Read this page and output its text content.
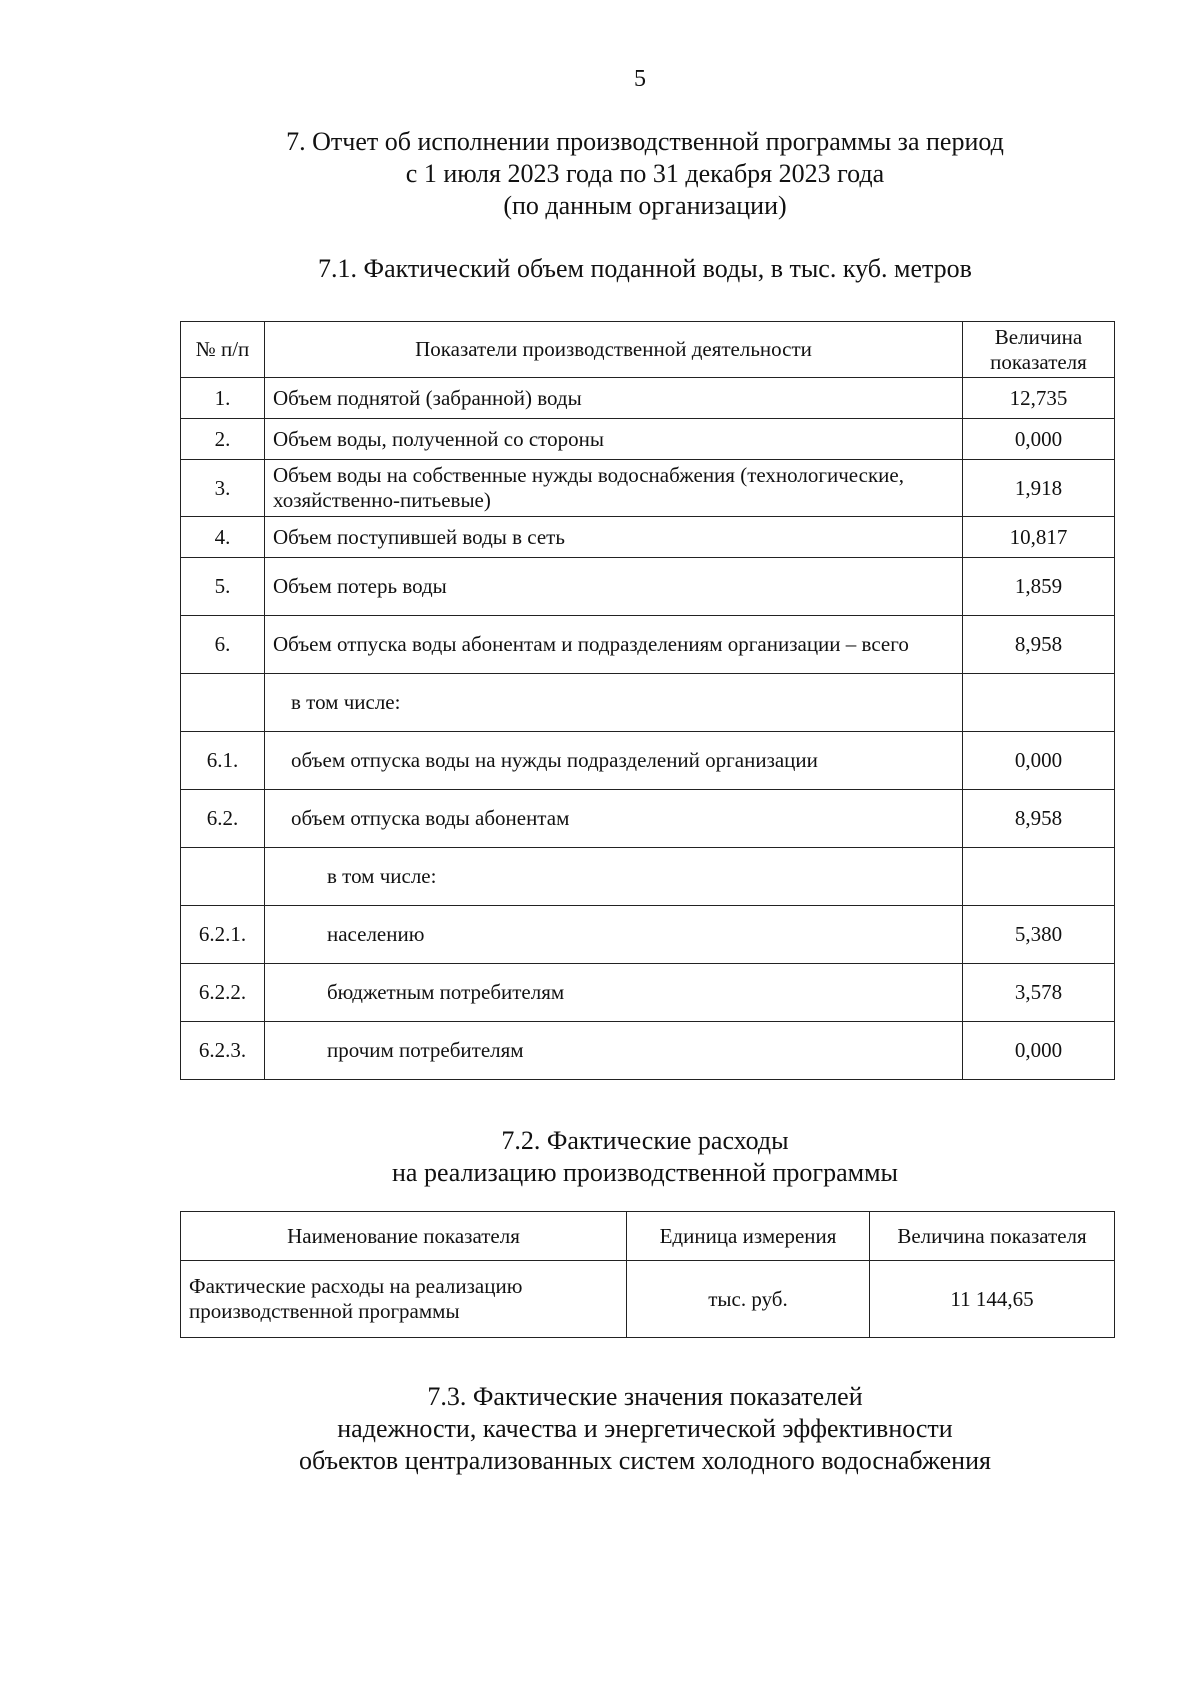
5
7. Отчет об исполнении производственной программы за период
с 1 июля 2023 года по 31 декабря 2023 года
(по данным организации)
7.1. Фактический объем поданной воды, в тыс. куб. метров
№ п/п	Показатели производственной деятельности	Величина
показателя

1.	Объем поднятой (забранной) воды	12,735
2.	Объем воды, полученной со стороны	0,000
3.	Объем воды на собственные нужды водоснабжения (технологические, хозяйственно-питьевые)	1,918
4.	Объем поступившей воды в сеть	10,817
5.	Объем потерь воды	1,859
6.	Объем отпуска воды абонентам и подразделениям организации – всего	8,958
	в том числе:	
6.1.	объем отпуска воды на нужды подразделений организации	0,000
6.2.	объем отпуска воды абонентам	8,958
	в том числе:	
6.2.1.	населению	5,380
6.2.2.	бюджетным потребителям	3,578
6.2.3.	прочим потребителям	0,000
7.2. Фактические расходы
на реализацию производственной программы
Наименование показателя	Единица измерения	Величина показателя
Фактические расходы на реализацию производственной программы	тыс. руб.	11 144,65
7.3. Фактические значения показателей
надежности, качества и энергетической эффективности
объектов централизованных систем холодного водоснабжения
